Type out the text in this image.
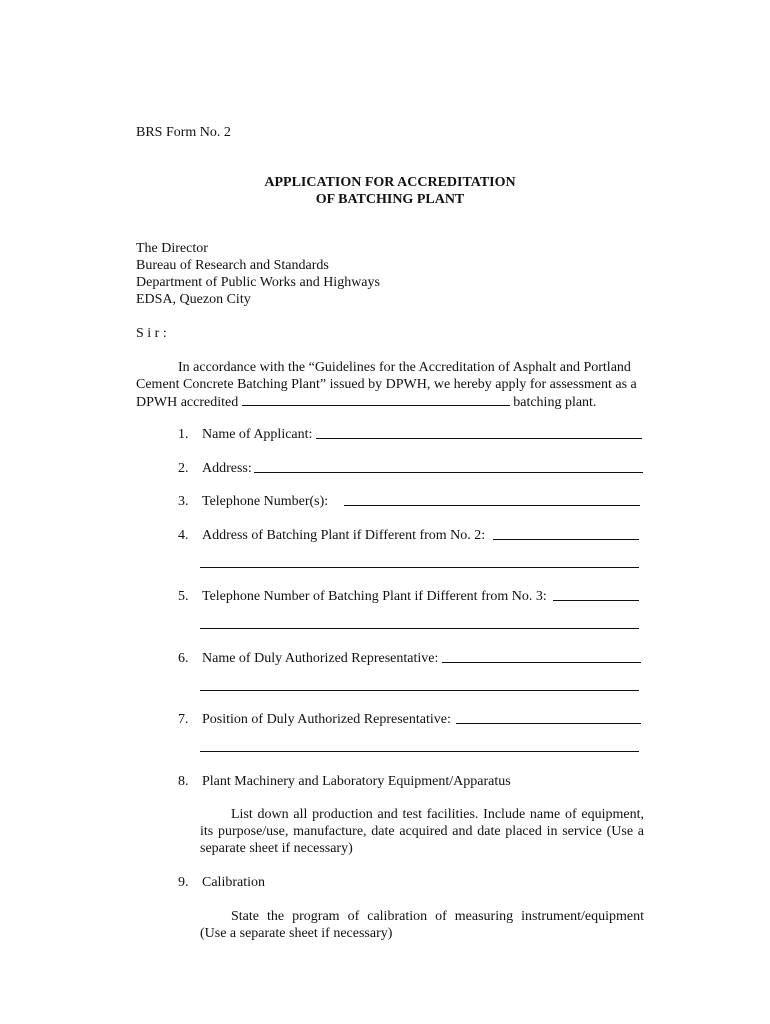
BRS Form No. 2
APPLICATION FOR ACCREDITATION
OF BATCHING PLANT
The Director
Bureau of Research and Standards
Department of Public Works and Highways
EDSA, Quezon City
S i r :
In accordance with the “Guidelines for the Accreditation of Asphalt and Portland
Cement Concrete Batching Plant” issued by DPWH, we hereby apply for assessment as a
DPWH accredited	batching plant.
1. Name of Applicant:
2. Address:
3. Telephone Number(s):
4. Address of Batching Plant if Different from No. 2:
5. Telephone Number of Batching Plant if Different from No. 3:
6. Name of Duly Authorized Representative:
7. Position of Duly Authorized Representative:
8. Plant Machinery and Laboratory Equipment/Apparatus
List down all production and test facilities. Include name of equipment,
its purpose/use, manufacture, date acquired and date placed in service (Use a
separate sheet if necessary)
9. Calibration
State the program of calibration of measuring instrument/equipment
(Use a separate sheet if necessary)
